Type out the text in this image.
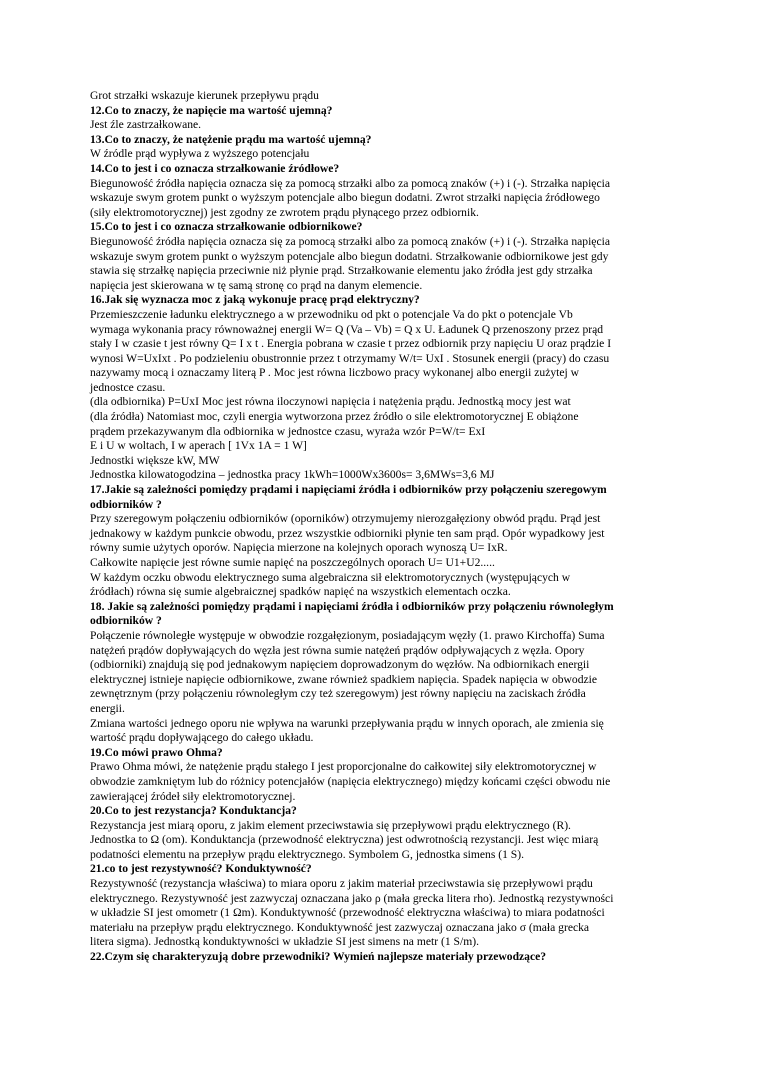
Grot strzałki wskazuje kierunek przepływu prądu
12.Co to znaczy, że napięcie ma wartość ujemną?
Jest źle zastrzałkowane.
13.Co to znaczy, że natężenie prądu ma wartość ujemną?
W źródle prąd wypływa z wyższego potencjału
14.Co to jest i co oznacza strzałkowanie źródłowe?
Biegunowość źródła napięcia oznacza się za pomocą strzałki albo za pomocą znaków (+) i (-). Strzałka napięcia
wskazuje swym grotem punkt o wyższym potencjale albo biegun dodatni. Zwrot strzałki napięcia źródłowego
(siły elektromotorycznej) jest zgodny ze zwrotem prądu płynącego przez odbiornik.
15.Co to jest i co oznacza strzałkowanie odbiornikowe?
Biegunowość źródła napięcia oznacza się za pomocą strzałki albo za pomocą znaków (+) i (-). Strzałka napięcia
wskazuje swym grotem punkt o wyższym potencjale albo biegun dodatni. Strzałkowanie odbiornikowe jest gdy
stawia się strzałkę napięcia przeciwnie niż płynie prąd. Strzałkowanie elementu jako źródła jest gdy strzałka
napięcia jest skierowana w tę samą stronę co prąd na danym elemencie.
16.Jak się wyznacza moc z jaką wykonuje pracę prąd elektryczny?
Przemieszczenie ładunku elektrycznego a w przewodniku od pkt o potencjale Va do pkt o potencjale Vb
wymaga wykonania pracy równoważnej energii W= Q (Va – Vb) = Q x U. Ładunek Q przenoszony przez prąd
stały I w czasie t jest równy Q= I x t . Energia pobrana w czasie t przez odbiornik przy napięciu U oraz prądzie I
wynosi W=UxIxt . Po podzieleniu obustronnie przez t otrzymamy W/t= UxI . Stosunek energii (pracy) do czasu
nazywamy mocą i oznaczamy literą P . Moc jest równa liczbowo pracy wykonanej albo energii zużytej w
jednostce czasu.
(dla odbiornika) P=UxI Moc jest równa iloczynowi napięcia i natężenia prądu. Jednostką mocy jest wat
(dla źródła) Natomiast moc, czyli energia wytworzona przez źródło o sile elektromotorycznej E obiążone
prądem przekazywanym dla odbiornika w jednostce czasu, wyraża wzór P=W/t= ExI
E i U w woltach, I w aperach [ 1Vx 1A = 1 W]
Jednostki większe kW, MW
Jednostka kilowatogodzina – jednostka pracy 1kWh=1000Wx3600s= 3,6MWs=3,6 MJ
17.Jakie są zależności pomiędzy prądami i napięciami źródła i odbiorników przy połączeniu szeregowym
odbiorników ?
Przy szeregowym połączeniu odbiorników (oporników) otrzymujemy nierozgałęziony obwód prądu. Prąd jest
jednakowy w każdym punkcie obwodu, przez wszystkie odbiorniki płynie ten sam prąd. Opór wypadkowy jest
równy sumie użytych oporów. Napięcia mierzone na kolejnych oporach wynoszą U= IxR.
Całkowite napięcie jest równe sumie napięć na poszczególnych oporach U= U1+U2.....
W każdym oczku obwodu elektrycznego suma algebraiczna sił elektromotorycznych (występujących w
źródłach) równa się sumie algebraicznej spadków napięć na wszystkich elementach oczka.
18. Jakie są zależności pomiędzy prądami i napięciami źródła i odbiorników przy połączeniu równoległym
odbiorników ?
Połączenie równoległe występuje w obwodzie rozgałęzionym, posiadającym węzły (1. prawo Kirchoffa) Suma
natężeń prądów dopływających do węzła jest równa sumie natężeń prądów odpływających z węzła. Opory
(odbiorniki) znajdują się pod jednakowym napięciem doprowadzonym do węzłów. Na odbiornikach energii
elektrycznej istnieje napięcie odbiornikowe, zwane również spadkiem napięcia. Spadek napięcia w obwodzie
zewnętrznym (przy połączeniu równoległym czy też szeregowym) jest równy napięciu na zaciskach źródła
energii.
Zmiana wartości jednego oporu nie wpływa na warunki przepływania prądu w innych oporach, ale zmienia się
wartość prądu dopływającego do całego układu.
19.Co mówi prawo Ohma?
Prawo Ohma mówi, że natężenie prądu stałego I jest proporcjonalne do całkowitej siły elektromotorycznej w
obwodzie zamkniętym lub do różnicy potencjałów (napięcia elektrycznego) między końcami części obwodu nie
zawierającej źródeł siły elektromotorycznej.
20.Co to jest rezystancja? Konduktancja?
Rezystancja jest miarą oporu, z jakim element przeciwstawia się przepływowi prądu elektrycznego (R).
Jednostka to Ω (om). Konduktancja (przewodność elektryczna) jest odwrotnością rezystancji. Jest więc miarą
podatności elementu na przepływ prądu elektrycznego. Symbolem G, jednostka simens (1 S).
21.co to jest rezystywność? Konduktywność?
Rezystywność (rezystancja właściwa) to miara oporu z jakim materiał przeciwstawia się przepływowi prądu
elektrycznego. Rezystywność jest zazwyczaj oznaczana jako ρ (mała grecka litera rho). Jednostką rezystywności
w układzie SI jest omometr (1 Ωm). Konduktywność (przewodność elektryczna właściwa) to miara podatności
materiału na przepływ prądu elektrycznego. Konduktywność jest zazwyczaj oznaczana jako σ (mała grecka
litera sigma). Jednostką konduktywności w układzie SI jest simens na metr (1 S/m).
22.Czym się charakteryzują dobre przewodniki? Wymień najlepsze materiały przewodzące?
